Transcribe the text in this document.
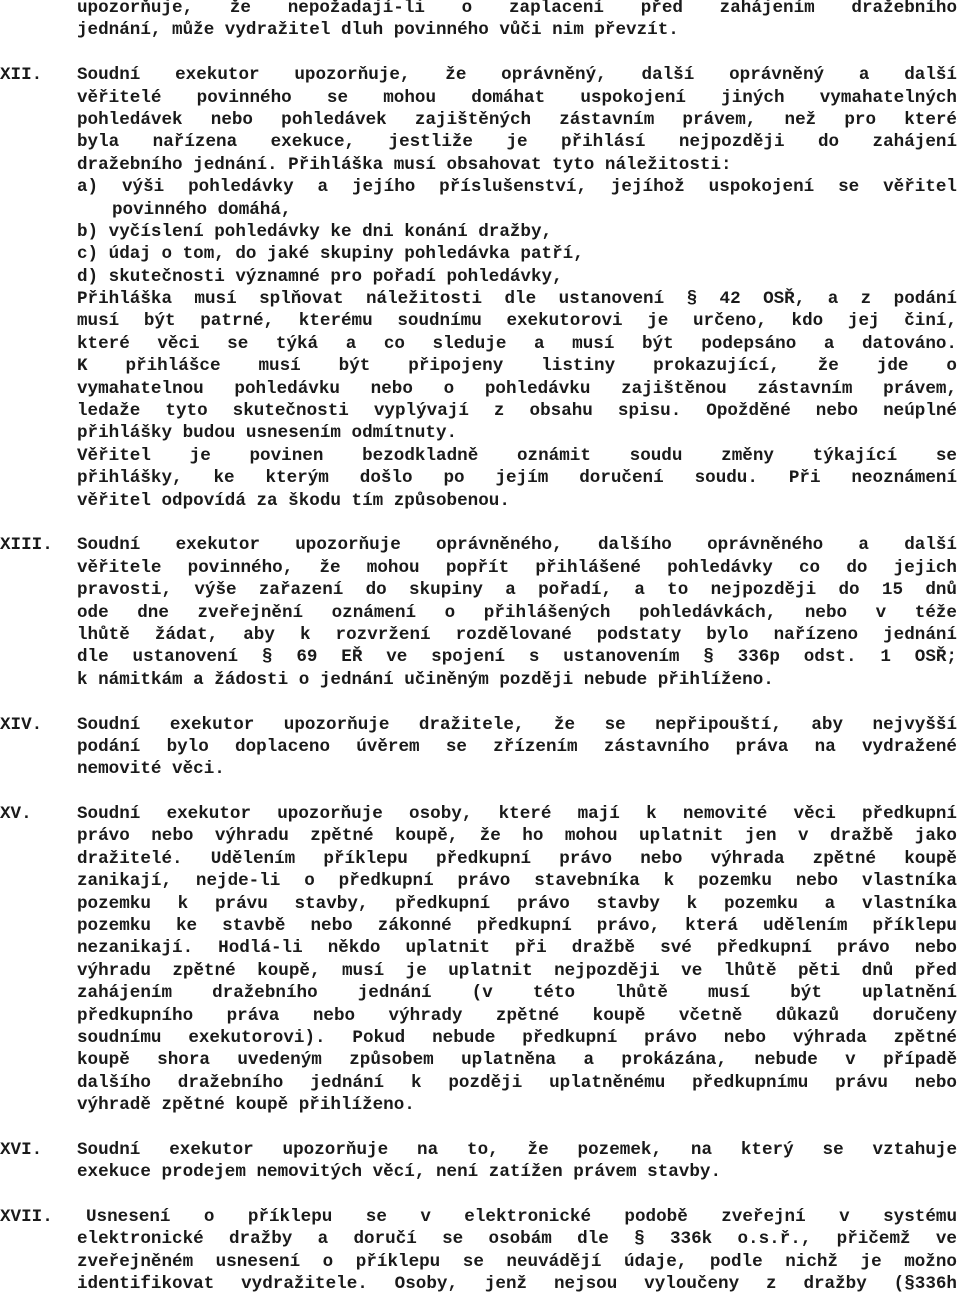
upozorňuje, že nepožadají-li o zaplacení před zahájením dražebního
jednání, může vydražitel dluh povinného vůči nim převzít.
XII. Soudní exekutor upozorňuje, že oprávněný, další oprávněný a další
věřitelé povinného se mohou domáhat uspokojení jiných vymahatelných
pohledávek nebo pohledávek zajištěných zástavním právem, než pro které
byla nařízena exekuce, jestliže je přihlásí nejpozději do zahájení
dražebního jednání. Přihláška musí obsahovat tyto náležitosti:
a) výši pohledávky a jejího příslušenství, jejíhož uspokojení se věřitel
povinného domáhá,
b) vyčíslení pohledávky ke dni konání dražby,
c) údaj o tom, do jaké skupiny pohledávka patří,
d) skutečnosti významné pro pořadí pohledávky,
Přihláška musí splňovat náležitosti dle ustanovení § 42 OSŘ, a z podání
musí být patrné, kterému soudnímu exekutorovi je určeno, kdo jej činí,
které věci se týká a co sleduje a musí být podepsáno a datováno.
K přihlášce musí být připojeny listiny prokazující, že jde o
vymahatelnou pohledávku nebo o pohledávku zajištěnou zástavním právem,
ledaže tyto skutečnosti vyplývají z obsahu spisu. Opožděné nebo neúplné
přihlášky budou usnesením odmítnuty.
Věřitel je povinen bezodkladně oznámit soudu změny týkající se
přihlášky, ke kterým došlo po jejím doručení soudu. Při neoznámení
věřitel odpovídá za škodu tím způsobenou.
XIII. Soudní exekutor upozorňuje oprávněného, dalšího oprávněného a další
věřitele povinného, že mohou popřít přihlášené pohledávky co do jejich
pravosti, výše zařazení do skupiny a pořadí, a to nejpozději do 15 dnů
ode dne zveřejnění oznámení o přihlášených pohledávkách, nebo v téže
lhůtě žádat, aby k rozvržení rozdělované podstaty bylo nařízeno jednání
dle ustanovení § 69 EŘ ve spojení s ustanovením § 336p odst. 1 OSŘ;
k námitkám a žádosti o jednání učiněným později nebude přihlíženo.
XIV. Soudní exekutor upozorňuje dražitele, že se nepřipouští, aby nejvyšší
podání bylo doplaceno úvěrem se zřízením zástavního práva na vydražené
nemovité věci.
XV.	Soudní exekutor upozorňuje osoby, které mají k nemovité věci předkupní
právo nebo výhradu zpětné koupě, že ho mohou uplatnit jen v dražbě jako
dražitelé. Udělením příklepu předkupní právo nebo výhrada zpětné koupě
zanikají, nejde-li o předkupní právo stavebníka k pozemku nebo vlastníka
pozemku k právu stavby, předkupní právo stavby k pozemku a vlastníka
pozemku ke stavbě nebo zákonné předkupní právo, která udělením příklepu
nezanikají. Hodlá-li někdo uplatnit při dražbě své předkupní právo nebo
výhradu zpětné koupě, musí je uplatnit nejpozději ve lhůtě pěti dnů před
zahájením dražebního jednání (v této lhůtě musí být uplatnění
předkupního práva nebo výhrady zpětné koupě včetně důkazů doručeny
soudnímu exekutorovi). Pokud nebude předkupní právo nebo výhrada zpětné
koupě shora uvedeným způsobem uplatněna a prokázána, nebude v případě
dalšího dražebního jednání k později uplatněnému předkupnímu právu nebo
výhradě zpětné koupě přihlíženo.
XVI. Soudní exekutor upozorňuje na to, že pozemek, na který se vztahuje
exekuce prodejem nemovitých věcí, není zatížen právem stavby.
XVII.	Usnesení o příklepu se v elektronické podobě zveřejní v systému
elektronické dražby a doručí se osobám dle § 336k o.s.ř., přičemž ve
zveřejněném usnesení o příklepu se neuvádějí údaje, podle nichž je možno
identifikovat vydražitele. Osoby, jenž nejsou vyloučeny z dražby (§336h
